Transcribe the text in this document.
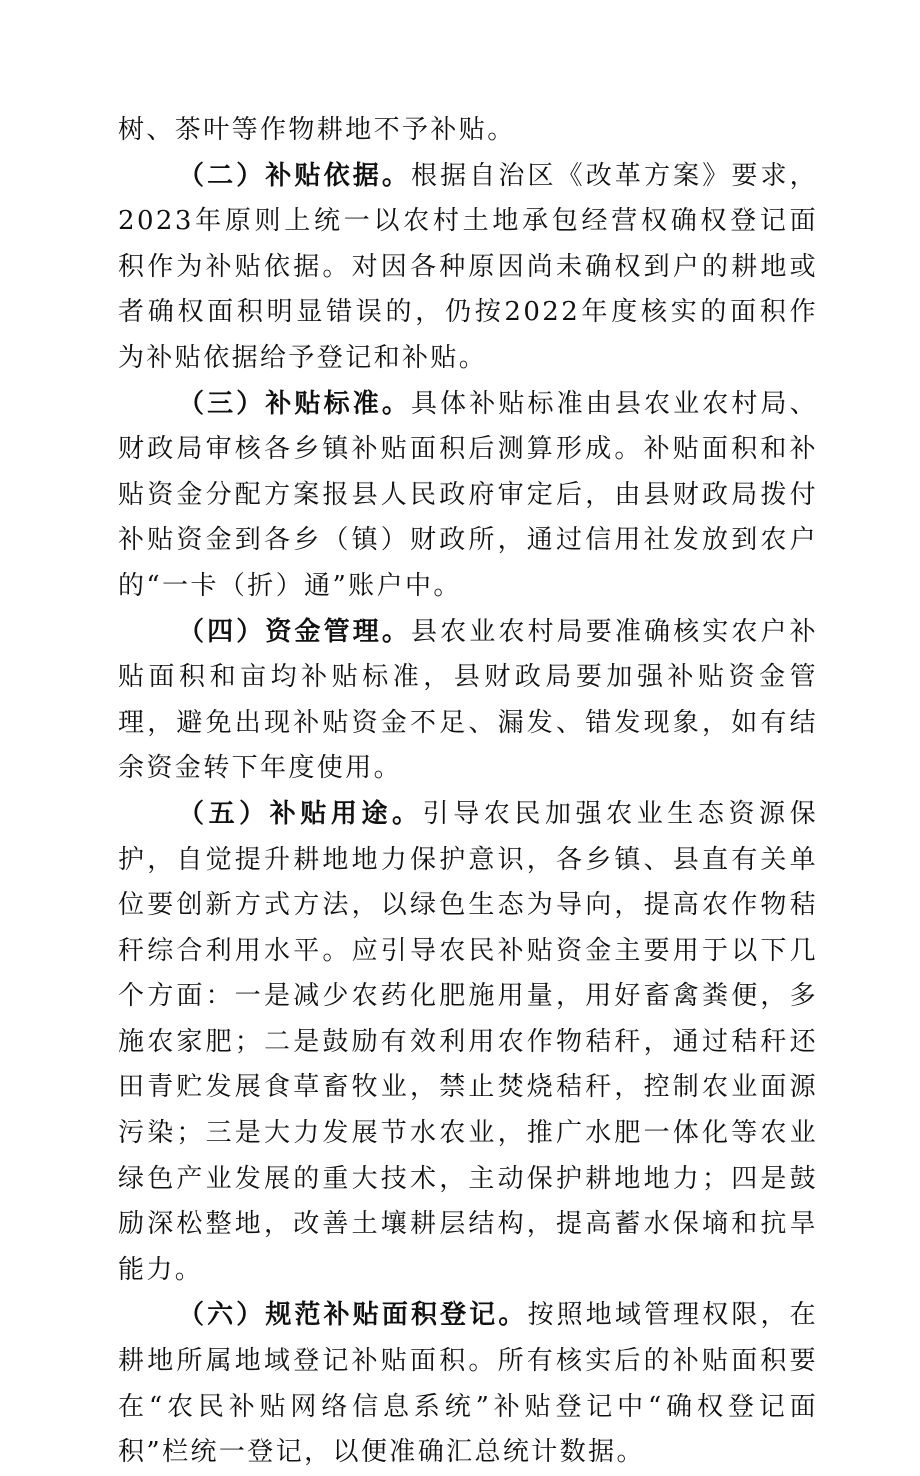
树、茶叶等作物耕地不予补贴。

（二）补贴依据。根据自治区《改革方案》要求，2023年原则上统一以农村土地承包经营权确权登记面积作为补贴依据。对因各种原因尚未确权到户的耕地或者确权面积明显错误的，仍按2022年度核实的面积作为补贴依据给予登记和补贴。

（三）补贴标准。具体补贴标准由县农业农村局、财政局审核各乡镇补贴面积后测算形成。补贴面积和补贴资金分配方案报县人民政府审定后，由县财政局拨付补贴资金到各乡（镇）财政所，通过信用社发放到农户的“一卡（折）通”账户中。

（四）资金管理。县农业农村局要准确核实农户补贴面积和亩均补贴标准，县财政局要加强补贴资金管理，避免出现补贴资金不足、漏发、错发现象，如有结余资金转下年度使用。

（五）补贴用途。引导农民加强农业生态资源保护，自觉提升耕地地力保护意识，各乡镇、县直有关单位要创新方式方法，以绿色生态为导向，提高农作物秸秆综合利用水平。应引导农民补贴资金主要用于以下几个方面：一是减少农药化肥施用量，用好畜禽粪便，多施农家肥；二是鼓励有效利用农作物秸秆，通过秸秆还田青贮发展食草畜牧业，禁止焚烧秸秆，控制农业面源污染；三是大力发展节水农业，推广水肥一体化等农业绿色产业发展的重大技术，主动保护耕地地力；四是鼓励深松整地，改善土壤耕层结构，提高蓄水保墒和抗旱能力。

（六）规范补贴面积登记。按照地域管理权限，在耕地所属地域登记补贴面积。所有核实后的补贴面积要在“农民补贴网络信息系统”补贴登记中“确权登记面积”栏统一登记，以便准确汇总统计数据。
